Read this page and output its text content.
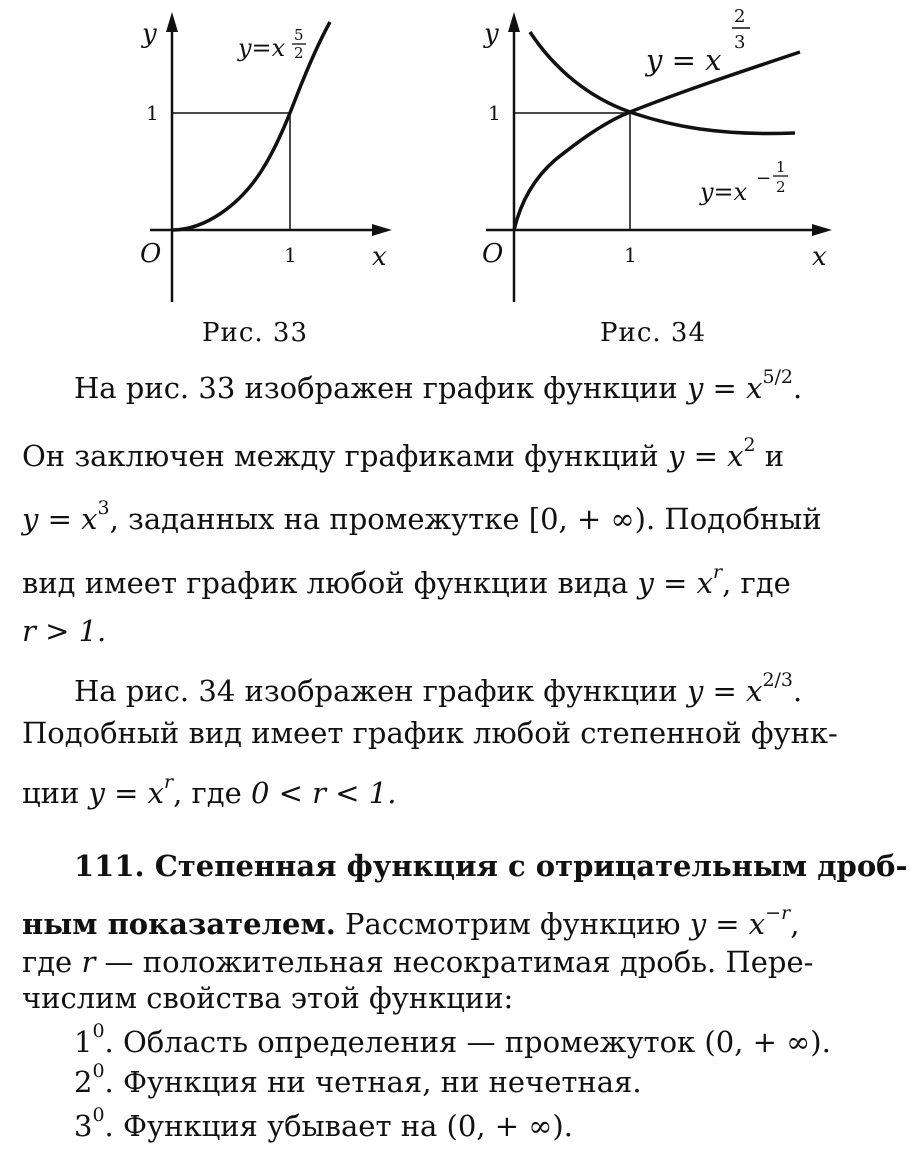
y
x
O	1
1
y=x 5
2
Рис. 33
y
x
O	1
1
y = x
2
3
y=x −
1
2
Рис. 34
На рис. 33 изображен график функции $y = x^{5/2}$.
Он заключен между графиками функций $y = x^2$ и
$y = x^3$, заданных на промежутке [0, + ∞). Подобный
вид имеет график любой функции вида $y = x^r$, где
r > 1.
На рис. 34 изображен график функции $y = x^{2/3}$.
Подобный вид имеет график любой степенной функ-
ции $y = x^r$, где 0 < r < 1.
111. Степенная функция с отрицательным дроб-
ным показателем. Рассмотрим функцию $y = x^{-r}$,
где r — положительная несократимая дробь. Пере-
числим свойства этой функции:
$1^0$. Область определения — промежуток (0, + ∞).
$2^0$. Функция ни четная, ни нечетная.
$3^0$. Функция убывает на (0, + ∞).
